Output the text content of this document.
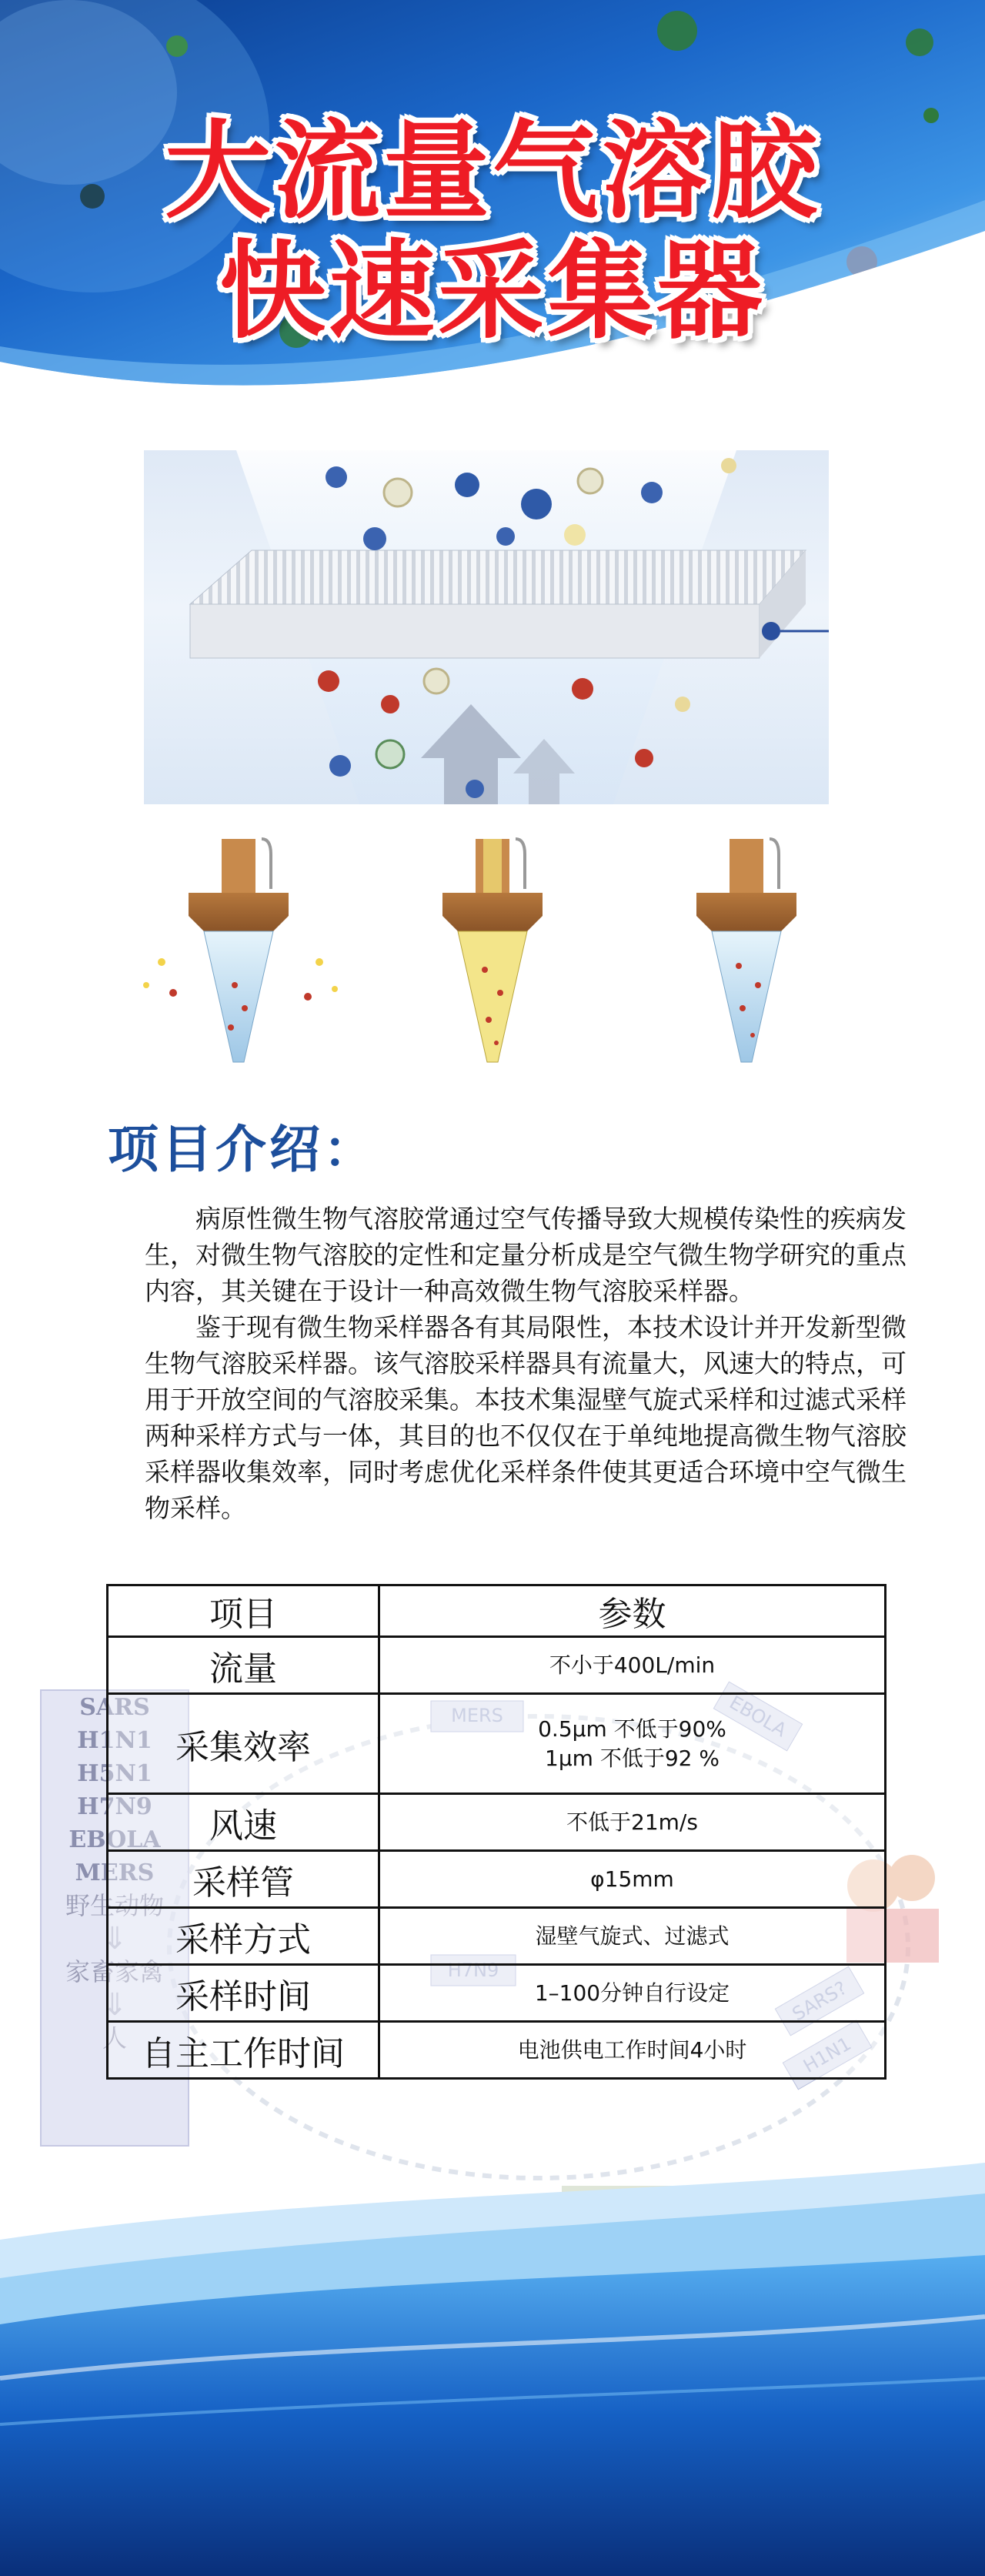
大流量气溶胶
快速采集器
项目介绍：

病原性微生物气溶胶常通过空气传播导致大规模传染性的疾病发生，对微生物气溶胶的定性和定量分析成是空气微生物学研究的重点内容，其关键在于设计一种高效微生物气溶胶采样器。

鉴于现有微生物采样器各有其局限性，本技术设计并开发新型微生物气溶胶采样器。该气溶胶采样器具有流量大，风速大的特点，可用于开放空间的气溶胶采集。本技术集湿壁气旋式采样和过滤式采样两种采样方式与一体，其目的也不仅仅在于单纯地提高微生物气溶胶采样器收集效率，同时考虑优化采样条件使其更适合环境中空气微生物采样。

MERS	EBOLA
H7N9
SARS?
H1N1
SARS
H1N1
H5N1
H7N9
EBOLA
MERS
野生动物
⇓
家畜家禽
⇓
人
项目	参数
流量	不小于400L/min
采集效率	0.5μm 不低于90%
1μm 不低于92 %
风速	不低于21m/s
采样管	φ15mm
采样方式	湿壁气旋式、过滤式
采样时间	1–100分钟自行设定
自主工作时间	电池供电工作时间4小时
